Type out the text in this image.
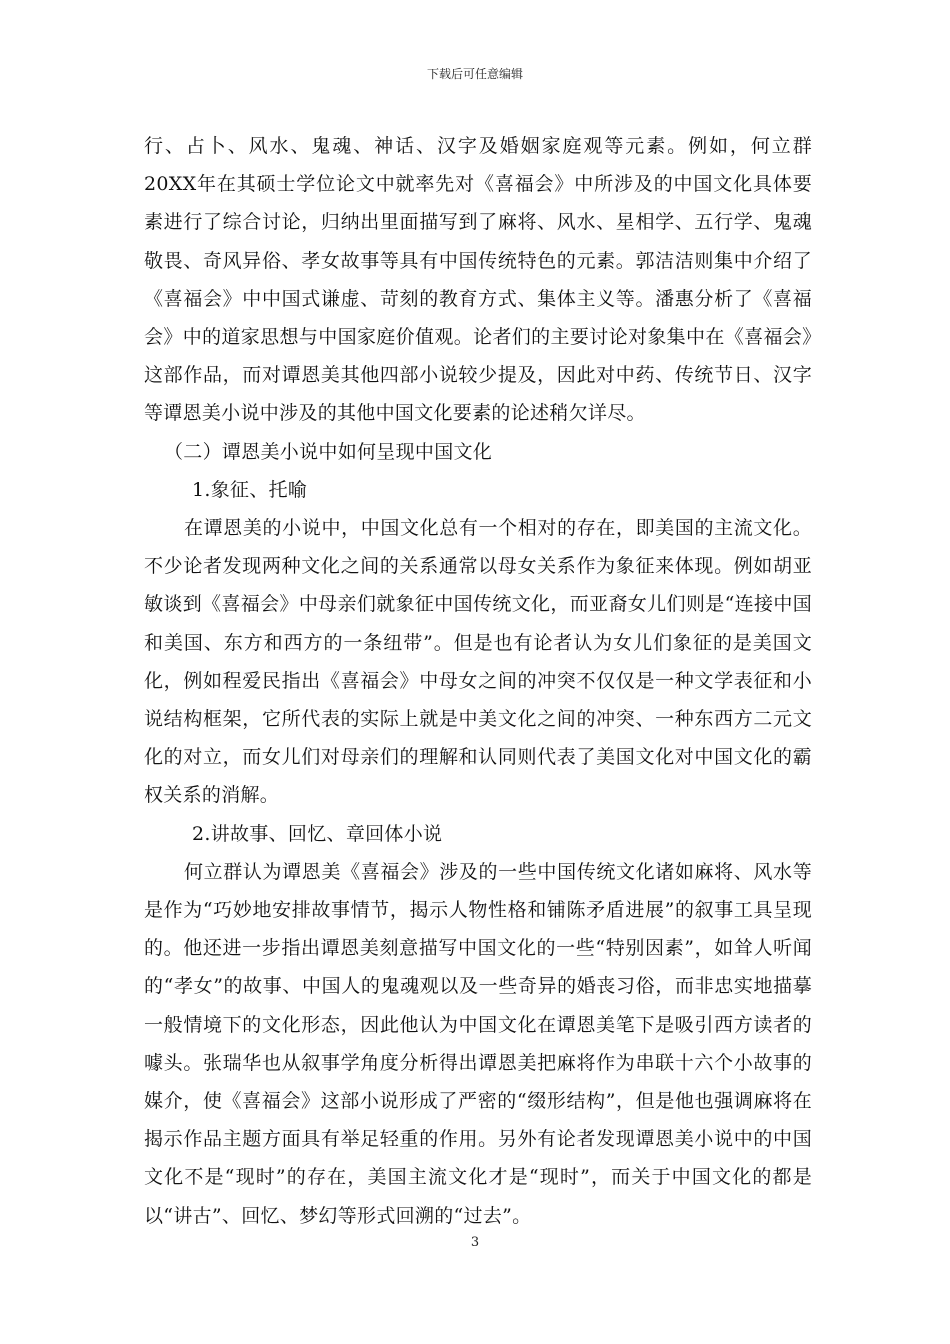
下载后可任意编辑

行、占卜、风水、鬼魂、神话、汉字及婚姻家庭观等元素。例如，何立群20XX年在其硕士学位论文中就率先对《喜福会》中所涉及的中国文化具体要素进行了综合讨论，归纳出里面描写到了麻将、风水、星相学、五行学、鬼魂敬畏、奇风异俗、孝女故事等具有中国传统特色的元素。郭洁洁则集中介绍了《喜福会》中中国式谦虚、苛刻的教育方式、集体主义等。潘惠分析了《喜福会》中的道家思想与中国家庭价值观。论者们的主要讨论对象集中在《喜福会》这部作品，而对谭恩美其他四部小说较少提及，因此对中药、传统节日、汉字等谭恩美小说中涉及的其他中国文化要素的论述稍欠详尽。

（二）谭恩美小说中如何呈现中国文化

1.象征、托喻

在谭恩美的小说中，中国文化总有一个相对的存在，即美国的主流文化。不少论者发现两种文化之间的关系通常以母女关系作为象征来体现。例如胡亚敏谈到《喜福会》中母亲们就象征中国传统文化，而亚裔女儿们则是“连接中国和美国、东方和西方的一条纽带”。但是也有论者认为女儿们象征的是美国文化，例如程爱民指出《喜福会》中母女之间的冲突不仅仅是一种文学表征和小说结构框架，它所代表的实际上就是中美文化之间的冲突、一种东西方二元文化的对立，而女儿们对母亲们的理解和认同则代表了美国文化对中国文化的霸权关系的消解。

2.讲故事、回忆、章回体小说

何立群认为谭恩美《喜福会》涉及的一些中国传统文化诸如麻将、风水等是作为“巧妙地安排故事情节，揭示人物性格和铺陈矛盾进展”的叙事工具呈现的。他还进一步指出谭恩美刻意描写中国文化的一些“特别因素”，如耸人听闻的“孝女”的故事、中国人的鬼魂观以及一些奇异的婚丧习俗，而非忠实地描摹一般情境下的文化形态，因此他认为中国文化在谭恩美笔下是吸引西方读者的噱头。张瑞华也从叙事学角度分析得出谭恩美把麻将作为串联十六个小故事的媒介，使《喜福会》这部小说形成了严密的“缀形结构”，但是他也强调麻将在揭示作品主题方面具有举足轻重的作用。另外有论者发现谭恩美小说中的中国文化不是“现时”的存在，美国主流文化才是“现时”，而关于中国文化的都是以“讲古”、回忆、梦幻等形式回溯的“过去”。

3
